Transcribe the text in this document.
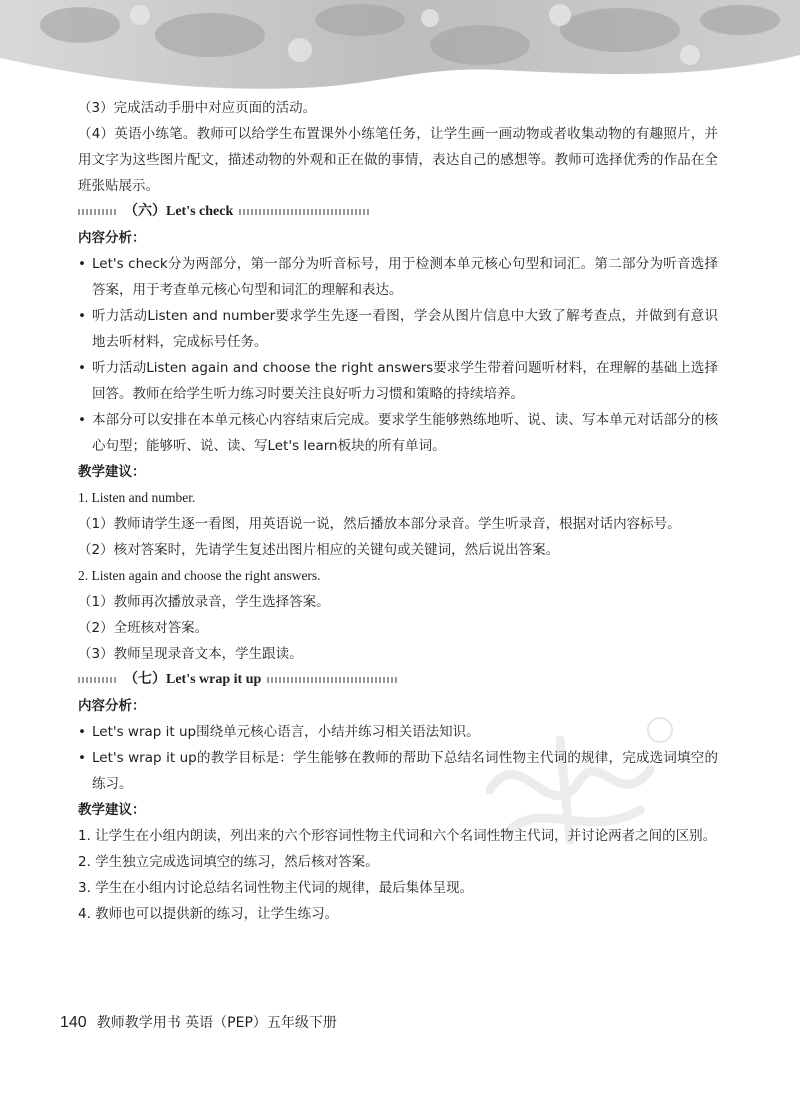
（3）完成活动手册中对应页面的活动。

（4）英语小练笔。教师可以给学生布置课外小练笔任务，让学生画一画动物或者收集动物的有趣照片，并用文字为这些图片配文，描述动物的外观和正在做的事情，表达自己的感想等。教师可选择优秀的作品在全班张贴展示。

（六）Let's check

内容分析：

• Let's check分为两部分，第一部分为听音标号，用于检测本单元核心句型和词汇。第二部分为听音选择答案，用于考查单元核心句型和词汇的理解和表达。

• 听力活动Listen and number要求学生先逐一看图，学会从图片信息中大致了解考查点，并做到有意识地去听材料，完成标号任务。

• 听力活动Listen again and choose the right answers要求学生带着问题听材料，在理解的基础上选择回答。教师在给学生听力练习时要关注良好听力习惯和策略的持续培养。

• 本部分可以安排在本单元核心内容结束后完成。要求学生能够熟练地听、说、读、写本单元对话部分的核心句型；能够听、说、读、写Let's learn板块的所有单词。

教学建议：

1. Listen and number.

（1）教师请学生逐一看图，用英语说一说，然后播放本部分录音。学生听录音，根据对话内容标号。

（2）核对答案时，先请学生复述出图片相应的关键句或关键词，然后说出答案。

2. Listen again and choose the right answers.

（1）教师再次播放录音，学生选择答案。

（2）全班核对答案。

（3）教师呈现录音文本，学生跟读。

（七）Let's wrap it up

内容分析：

• Let's wrap it up围绕单元核心语言，小结并练习相关语法知识。

• Let's wrap it up的教学目标是：学生能够在教师的帮助下总结名词性物主代词的规律，完成选词填空的练习。

教学建议：

1. 让学生在小组内朗读，列出来的六个形容词性物主代词和六个名词性物主代词，并讨论两者之间的区别。

2. 学生独立完成选词填空的练习，然后核对答案。

3. 学生在小组内讨论总结名词性物主代词的规律，最后集体呈现。

4. 教师也可以提供新的练习，让学生练习。

140 教师教学用书 英语（PEP）五年级下册
